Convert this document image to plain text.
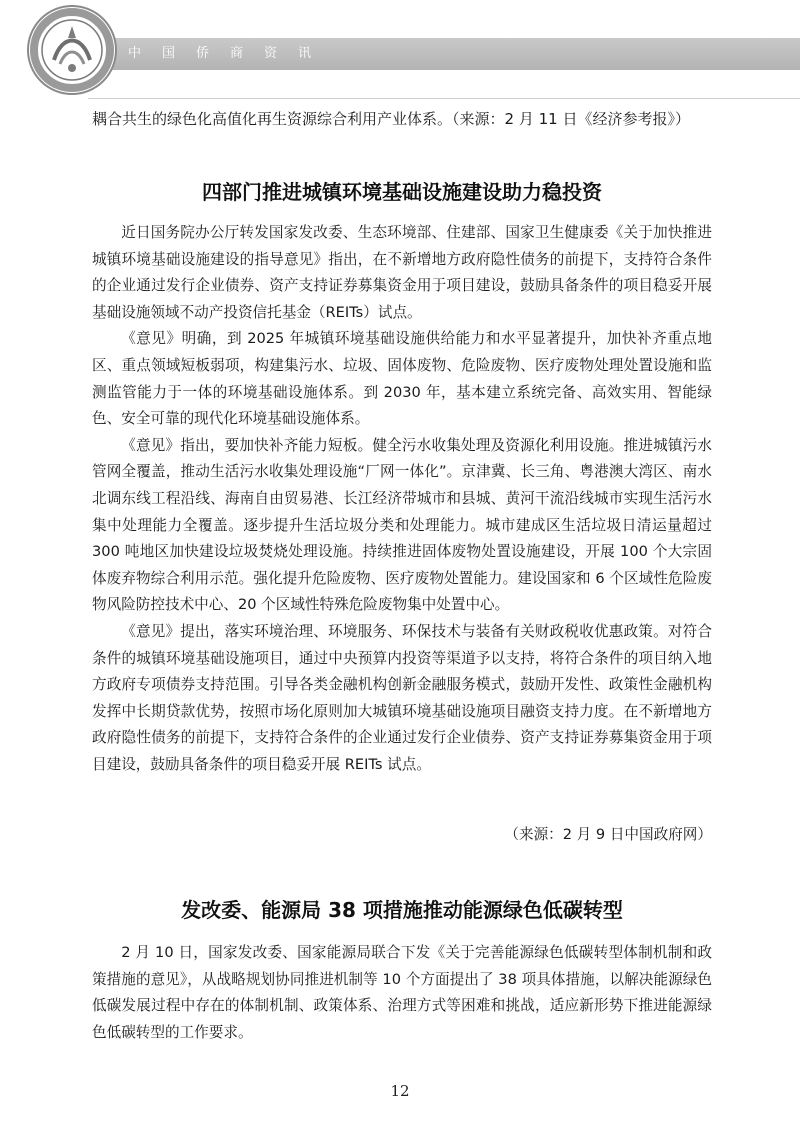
中国侨商资讯
耦合共生的绿色化高值化再生资源综合利用产业体系。（来源：2 月 11 日《经济参考报》）
四部门推进城镇环境基础设施建设助力稳投资

近日国务院办公厅转发国家发改委、生态环境部、住建部、国家卫生健康委《关于加快推进城镇环境基础设施建设的指导意见》指出，在不新增地方政府隐性债务的前提下，支持符合条件的企业通过发行企业债券、资产支持证券募集资金用于项目建设，鼓励具备条件的项目稳妥开展基础设施领域不动产投资信托基金（REITs）试点。

《意见》明确，到 2025 年城镇环境基础设施供给能力和水平显著提升，加快补齐重点地区、重点领域短板弱项，构建集污水、垃圾、固体废物、危险废物、医疗废物处理处置设施和监测监管能力于一体的环境基础设施体系。到 2030 年，基本建立系统完备、高效实用、智能绿色、安全可靠的现代化环境基础设施体系。

《意见》指出，要加快补齐能力短板。健全污水收集处理及资源化利用设施。推进城镇污水管网全覆盖，推动生活污水收集处理设施“厂网一体化”。京津冀、长三角、粤港澳大湾区、南水北调东线工程沿线、海南自由贸易港、长江经济带城市和县城、黄河干流沿线城市实现生活污水集中处理能力全覆盖。逐步提升生活垃圾分类和处理能力。城市建成区生活垃圾日清运量超过 300 吨地区加快建设垃圾焚烧处理设施。持续推进固体废物处置设施建设，开展 100 个大宗固体废弃物综合利用示范。强化提升危险废物、医疗废物处置能力。建设国家和 6 个区域性危险废物风险防控技术中心、20 个区域性特殊危险废物集中处置中心。

《意见》提出，落实环境治理、环境服务、环保技术与装备有关财政税收优惠政策。对符合条件的城镇环境基础设施项目，通过中央预算内投资等渠道予以支持，将符合条件的项目纳入地方政府专项债券支持范围。引导各类金融机构创新金融服务模式，鼓励开发性、政策性金融机构发挥中长期贷款优势，按照市场化原则加大城镇环境基础设施项目融资支持力度。在不新增地方政府隐性债务的前提下，支持符合条件的企业通过发行企业债券、资产支持证券募集资金用于项目建设，鼓励具备条件的项目稳妥开展 REITs 试点。

（来源：2 月 9 日中国政府网）
发改委、能源局 38 项措施推动能源绿色低碳转型

2 月 10 日，国家发改委、国家能源局联合下发《关于完善能源绿色低碳转型体制机制和政策措施的意见》，从战略规划协同推进机制等 10 个方面提出了 38 项具体措施，以解决能源绿色低碳发展过程中存在的体制机制、政策体系、治理方式等困难和挑战，适应新形势下推进能源绿色低碳转型的工作要求。

12
